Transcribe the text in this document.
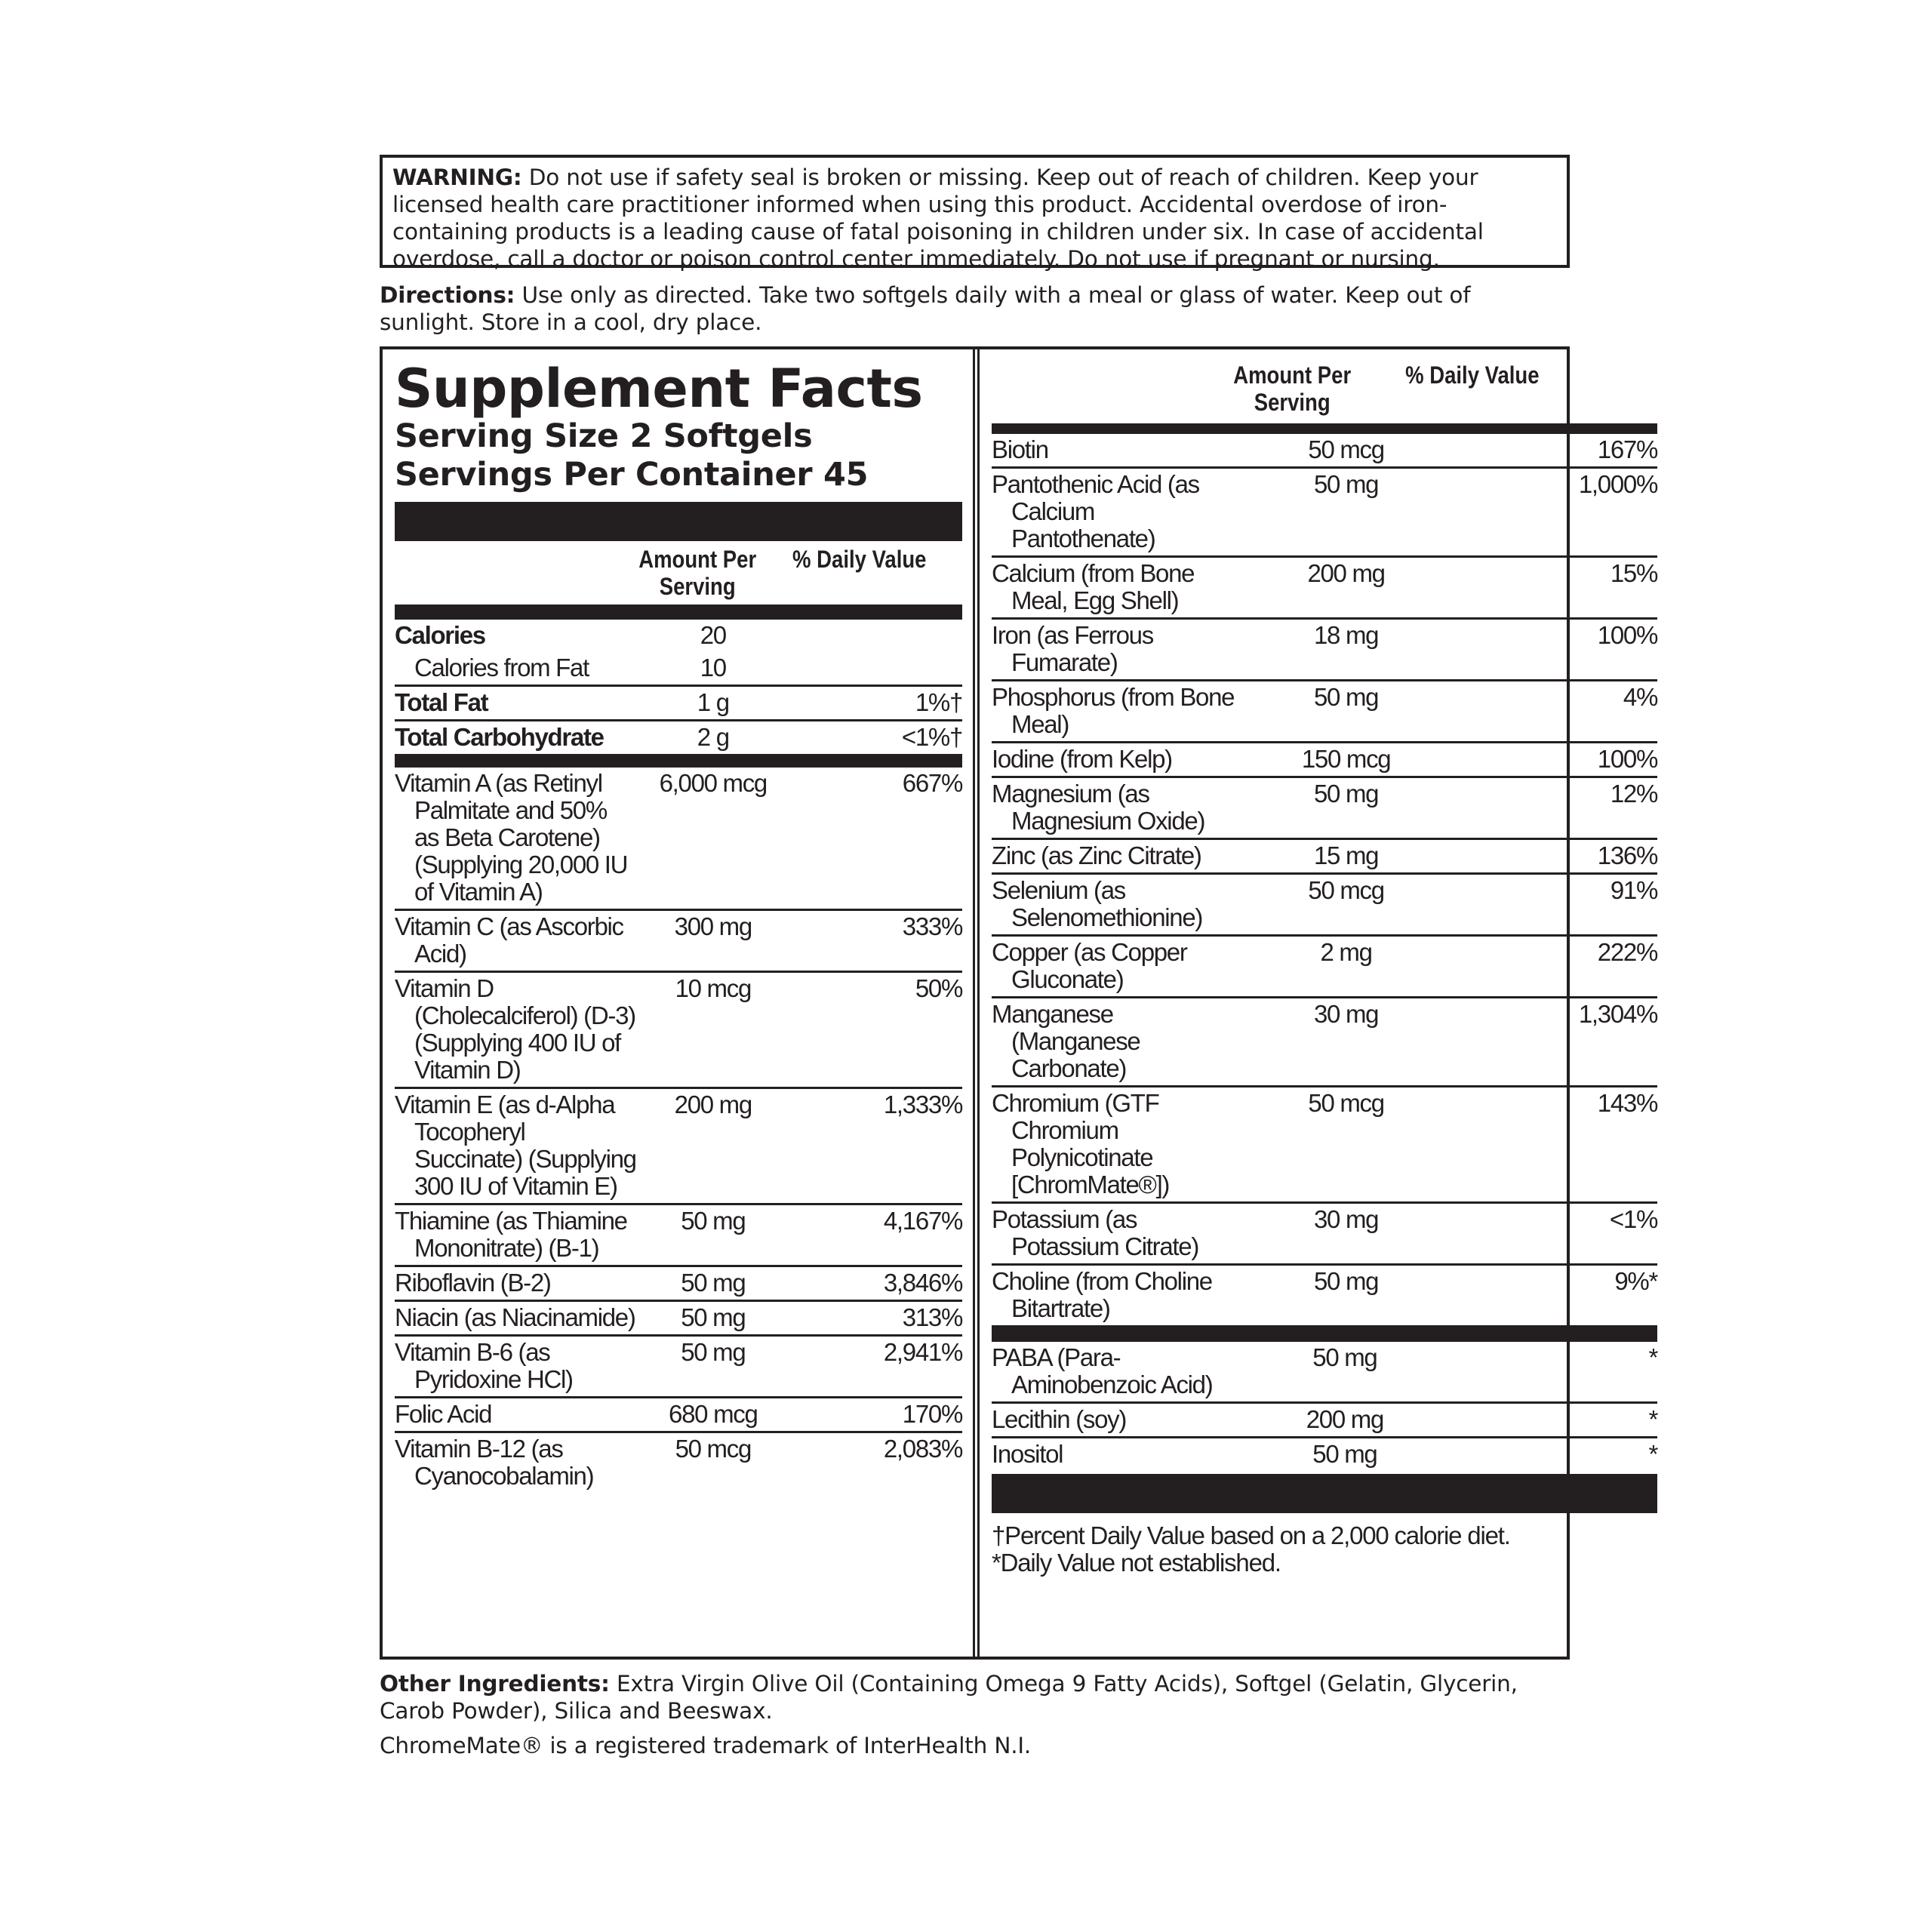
WARNING: Do not use if safety seal is broken or missing. Keep out of reach of children. Keep your licensed health care practitioner informed when using this product. Accidental overdose of iron-containing products is a leading cause of fatal poisoning in children under six. In case of accidental overdose, call a doctor or poison control center immediately. Do not use if pregnant or nursing.
Directions: Use only as directed. Take two softgels daily with a meal or glass of water. Keep out of sunlight. Store in a cool, dry place.
Supplement Facts
Serving Size 2 Softgels
Servings Per Container 45
Amount Per Serving
% Daily Value
Calories	20	

Calories from Fat	10	

Total Fat	1 g	1%†

Total Carbohydrate	2 g	<1%†

Vitamin A (as Retinyl Palmitate and 50% as Beta Carotene) (Supplying 20,000 IU of Vitamin A)	6,000 mcg	667%

Vitamin C (as Ascorbic Acid)	300 mg	333%

Vitamin D (Cholecalciferol) (D-3) (Supplying 400 IU of Vitamin D)	10 mcg	50%

Vitamin E (as d-Alpha Tocopheryl Succinate) (Supplying 300 IU of Vitamin E)	200 mg	1,333%

Thiamine (as Thiamine Mononitrate) (B-1)	50 mg	4,167%

Riboflavin (B-2)	50 mg	3,846%

Niacin (as Niacinamide)	50 mg	313%

Vitamin B-6 (as Pyridoxine HCl)	50 mg	2,941%

Folic Acid	680 mcg	170%

Vitamin B-12 (as Cyanocobalamin)	50 mcg	2,083%
Amount Per Serving
% Daily Value
Biotin	50 mcg	167%

Pantothenic Acid (as Calcium Pantothenate)	50 mg	1,000%

Calcium (from Bone Meal, Egg Shell)	200 mg	15%

Iron (as Ferrous Fumarate)	18 mg	100%

Phosphorus (from Bone Meal)	50 mg	4%

Iodine (from Kelp)	150 mcg	100%

Magnesium (as Magnesium Oxide)	50 mg	12%

Zinc (as Zinc Citrate)	15 mg	136%

Selenium (as Selenomethionine)	50 mcg	91%

Copper (as Copper Gluconate)	2 mg	222%

Manganese (Manganese Carbonate)	30 mg	1,304%

Chromium (GTF Chromium Polynicotinate [ChromMate®])	50 mcg	143%

Potassium (as Potassium Citrate)	30 mg	<1%

Choline (from Choline Bitartrate)	50 mg	9%*
PABA (Para-Aminobenzoic Acid)	50 mg	*

Lecithin (soy)	200 mg	*

Inositol	50 mg	*
†Percent Daily Value based on a 2,000 calorie diet.
*Daily Value not established.
Other Ingredients: Extra Virgin Olive Oil (Containing Omega 9 Fatty Acids), Softgel (Gelatin, Glycerin, Carob Powder), Silica and Beeswax.
ChromeMate® is a registered trademark of InterHealth N.I.
